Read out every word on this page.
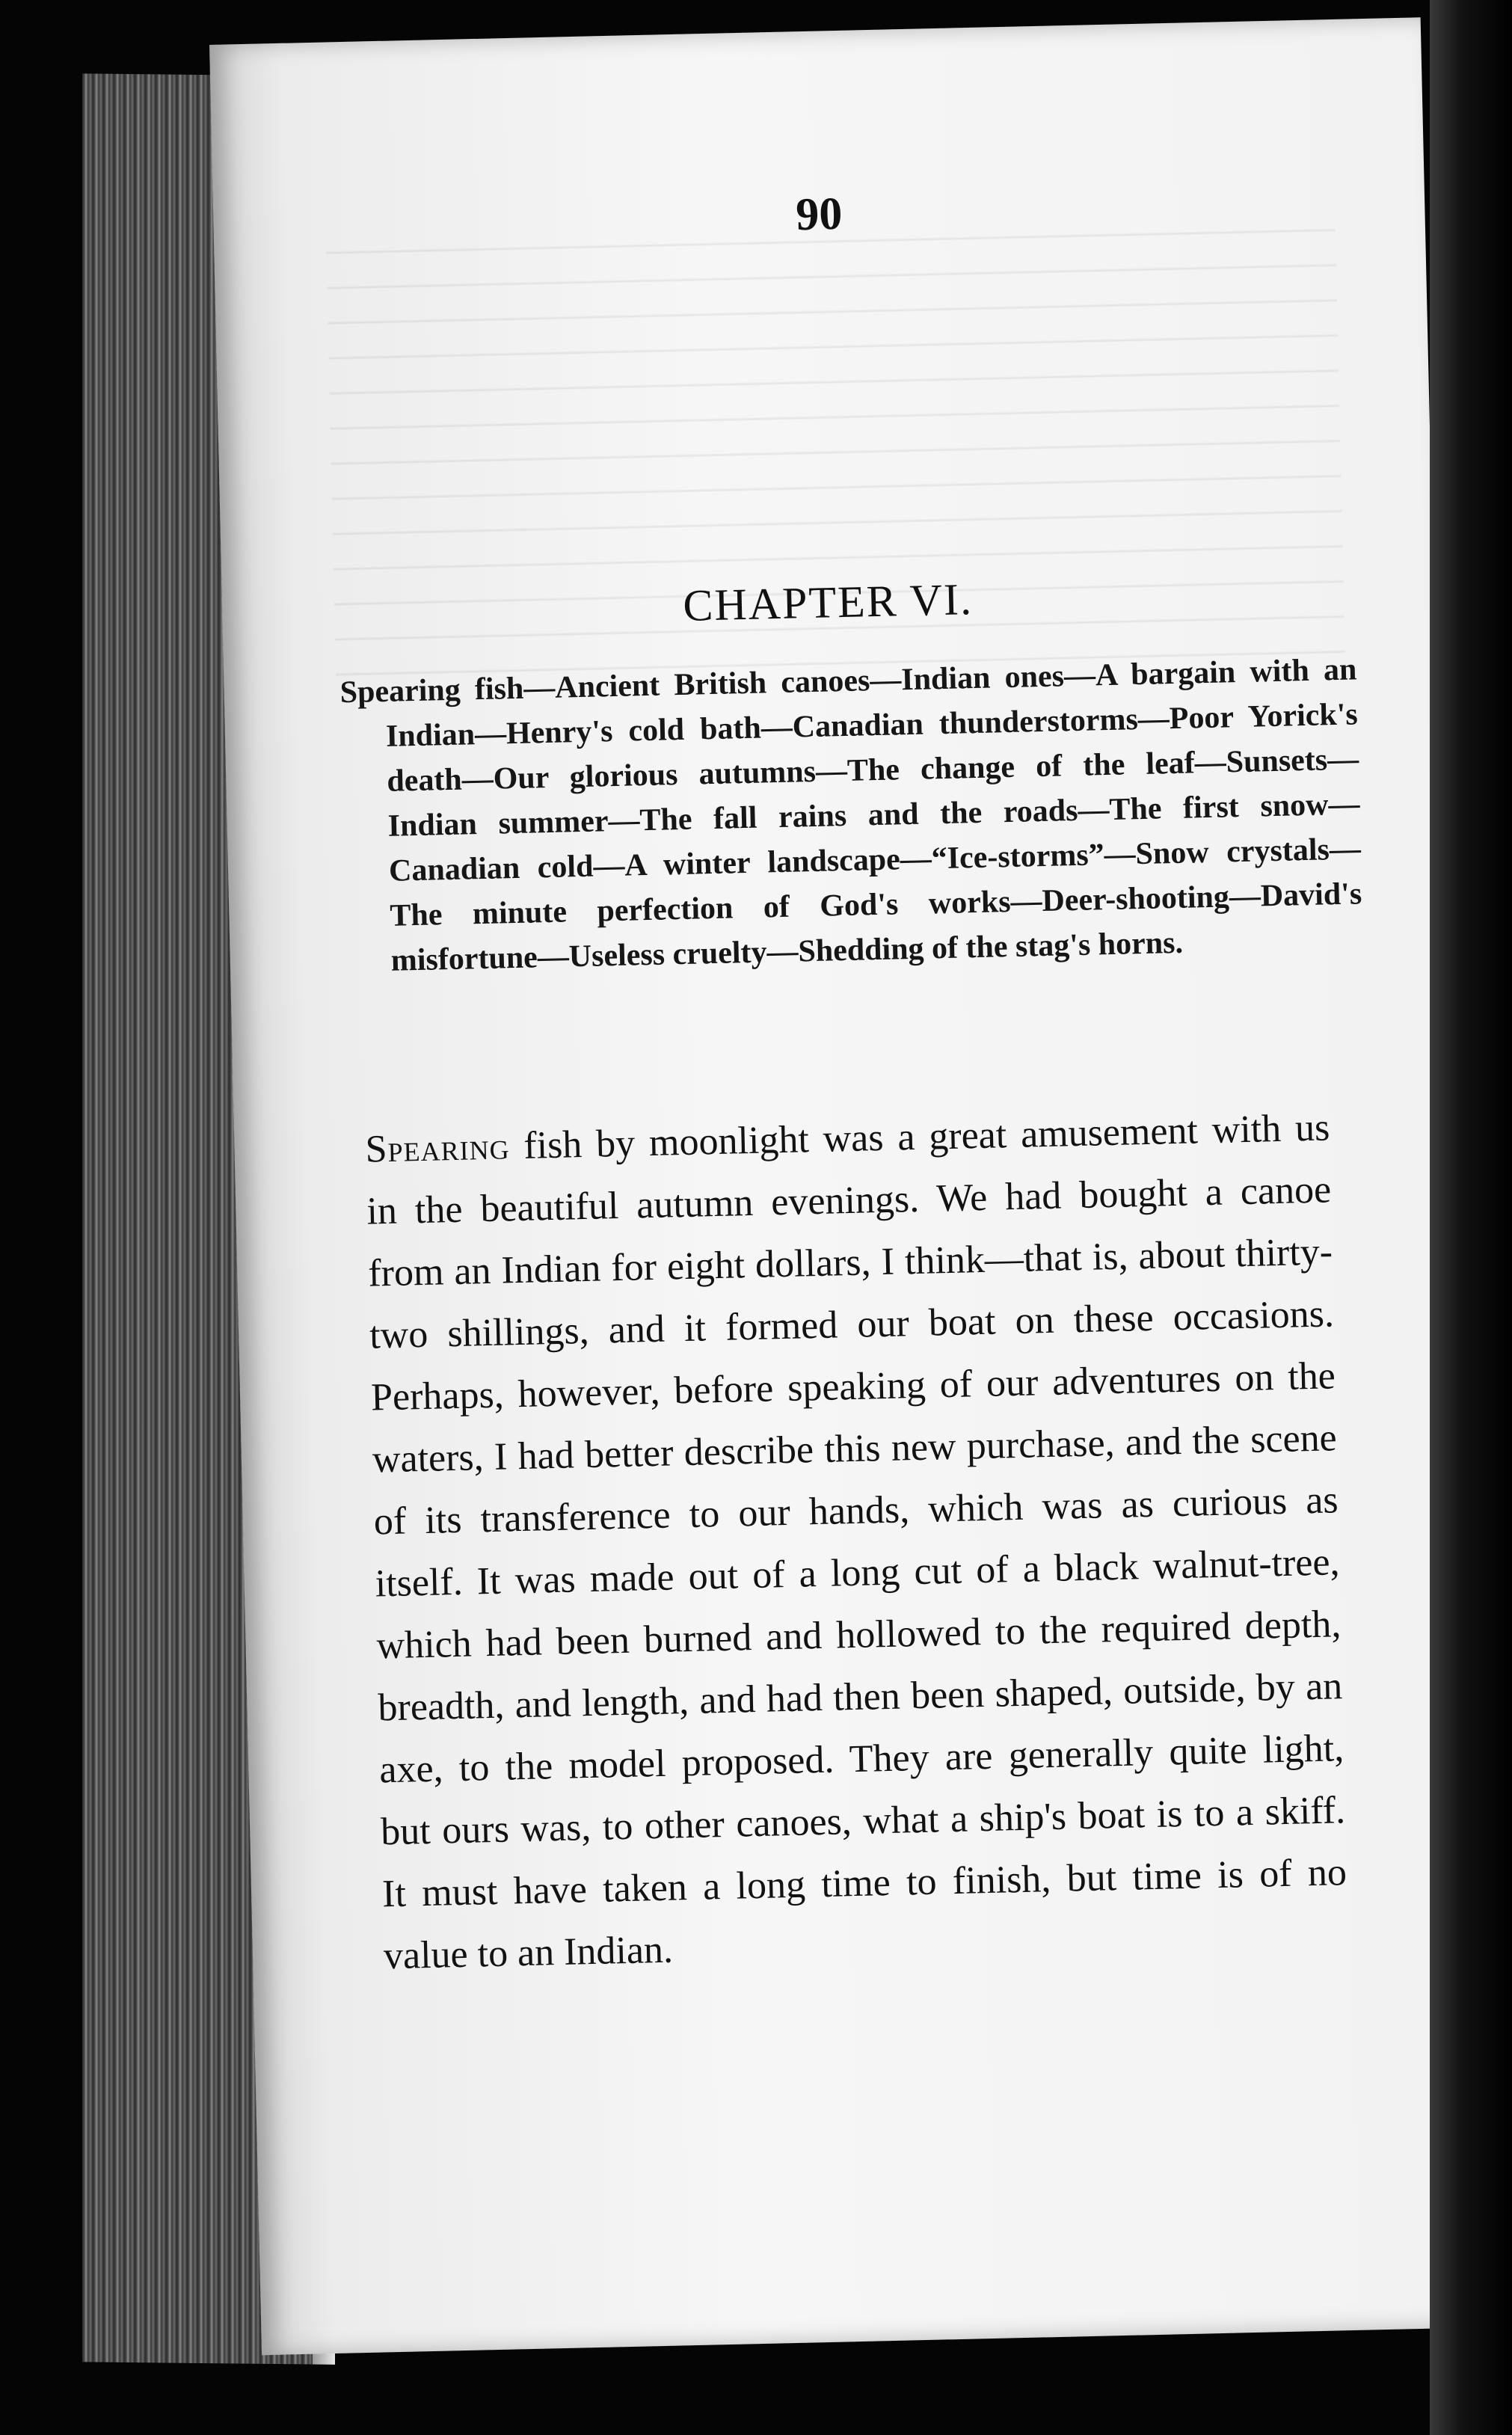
90
CHAPTER VI.
Spearing fish—Ancient British canoes—Indian ones—A bargain with an Indian—Henry's cold bath—Canadian thunderstorms—Poor Yorick's death—Our glorious autumns—The change of the leaf—Sunsets—Indian summer—The fall rains and the roads—The first snow—Canadian cold—A winter landscape—“Ice-storms”—Snow crystals—The minute perfection of God's works—Deer-shooting—David's misfortune—Useless cruelty—Shedding of the stag's horns.
Spearing fish by moonlight was a great amusement with us in the beautiful autumn evenings. We had bought a canoe from an Indian for eight dollars, I think—that is, about thirty-two shillings, and it formed our boat on these occasions. Perhaps, however, before speaking of our adventures on the waters, I had better describe this new purchase, and the scene of its transference to our hands, which was as curious as itself. It was made out of a long cut of a black walnut-tree, which had been burned and hollowed to the required depth, breadth, and length, and had then been shaped, outside, by an axe, to the model proposed. They are generally quite light, but ours was, to other canoes, what a ship's boat is to a skiff. It must have taken a long time to finish, but time is of no value to an Indian.
